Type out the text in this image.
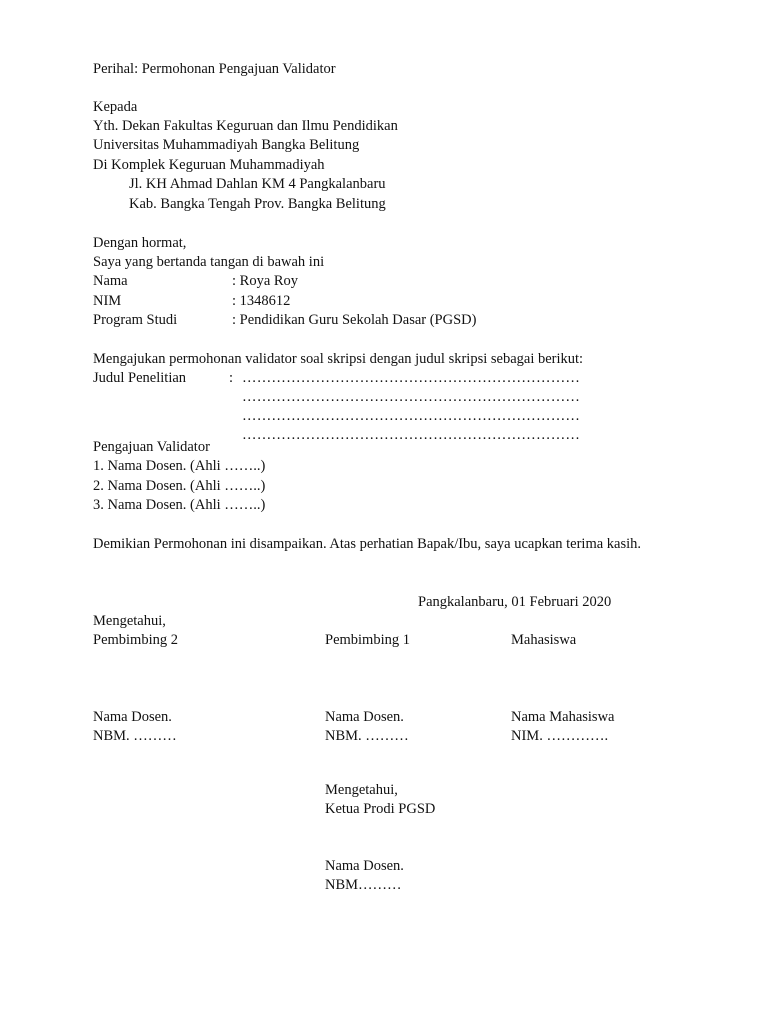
Perihal: Permohonan Pengajuan Validator
Kepada
Yth. Dekan Fakultas Keguruan dan Ilmu Pendidikan
Universitas Muhammadiyah Bangka Belitung
Di Komplek Keguruan Muhammadiyah
Jl. KH Ahmad Dahlan KM 4 Pangkalanbaru
Kab. Bangka Tengah Prov. Bangka Belitung
Dengan hormat,
Saya yang bertanda tangan di bawah ini
Nama	: Roya Roy
NIM	: 1348612
Program Studi	: Pendidikan Guru Sekolah Dasar (PGSD)
Mengajukan permohonan validator soal skripsi dengan judul skripsi sebagai berikut:
Judul Penelitian	: ……………………………………………………………
……………………………………………………………
……………………………………………………………
……………………………………………………………
Pengajuan Validator
1. Nama Dosen. (Ahli ……..)
2. Nama Dosen. (Ahli ……..)
3. Nama Dosen. (Ahli ……..)
Demikian Permohonan ini disampaikan. Atas perhatian Bapak/Ibu, saya ucapkan terima kasih.
Pangkalanbaru, 01 Februari 2020
Mengetahui,
Pembimbing 2	Pembimbing 1	Mahasiswa
Nama Dosen.	Nama Dosen.	Nama Mahasiswa
NBM. ………	NBM. ………	NIM. ………….
Mengetahui,
Ketua Prodi PGSD
Nama Dosen.
NBM………
